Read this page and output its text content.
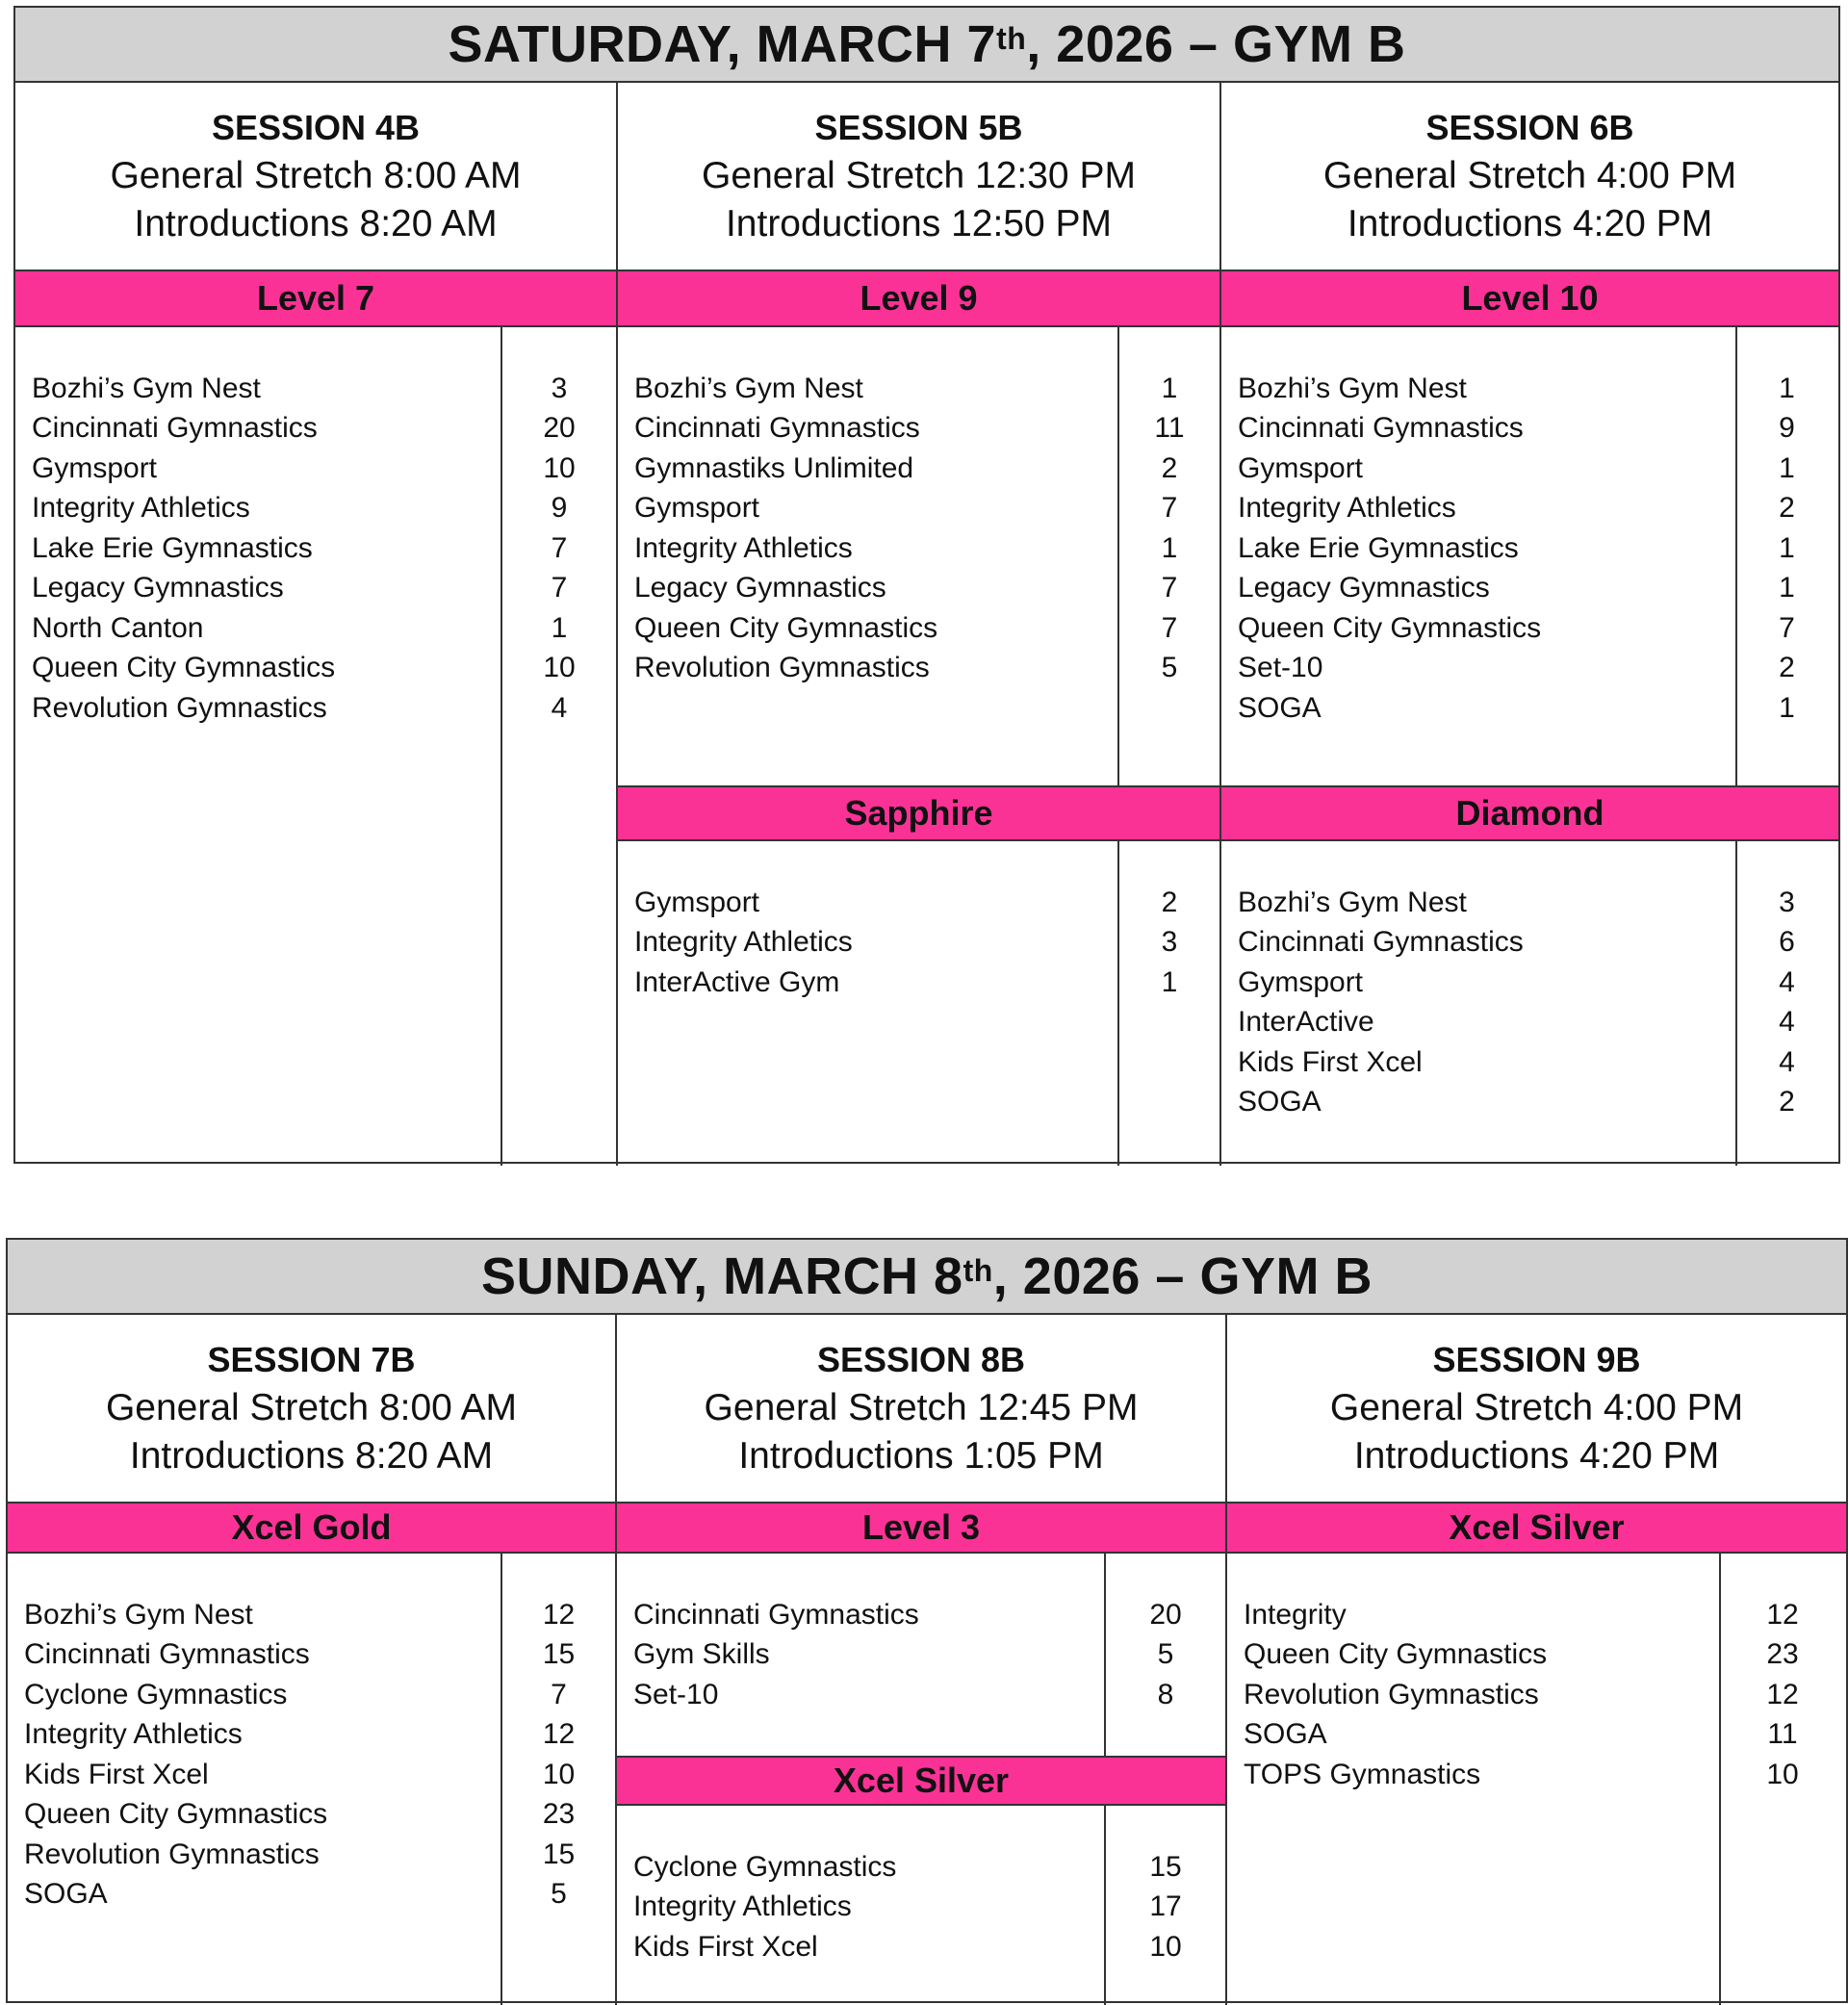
SATURDAY, MARCH 7th , 2026 – GYM B
SESSION 4B
General Stretch 8:00 AM
Introductions 8:20 AM
Level 7
Bozhi’s Gym Nest	3
Cincinnati Gymnastics	20
Gymsport	10
Integrity Athletics	9
Lake Erie Gymnastics	7
Legacy Gymnastics	7
North Canton	1
Queen City Gymnastics	10
Revolution Gymnastics	4
SESSION 5B
General Stretch 12:30 PM
Introductions 12:50 PM
Level 9
Bozhi’s Gym Nest	1
Cincinnati Gymnastics	11
Gymnastiks Unlimited	2
Gymsport	7
Integrity Athletics	1
Legacy Gymnastics	7
Queen City Gymnastics	7
Revolution Gymnastics	5
Sapphire
Gymsport	2
Integrity Athletics	3
InterActive Gym	1
SESSION 6B
General Stretch 4:00 PM
Introductions 4:20 PM
Level 10
Bozhi’s Gym Nest	1
Cincinnati Gymnastics	9
Gymsport	1
Integrity Athletics	2
Lake Erie Gymnastics	1
Legacy Gymnastics	1
Queen City Gymnastics	7
Set-10	2
SOGA	1
Diamond
Bozhi’s Gym Nest	3
Cincinnati Gymnastics	6
Gymsport	4
InterActive	4
Kids First Xcel	4
SOGA	2
SUNDAY, MARCH 8th , 2026 – GYM B
SESSION 7B
General Stretch 8:00 AM
Introductions 8:20 AM
Xcel Gold
Bozhi’s Gym Nest	12
Cincinnati Gymnastics	15
Cyclone Gymnastics	7
Integrity Athletics	12
Kids First Xcel	10
Queen City Gymnastics	23
Revolution Gymnastics	15
SOGA	5
SESSION 8B
General Stretch 12:45 PM
Introductions 1:05 PM
Level 3
Cincinnati Gymnastics	20
Gym Skills	5
Set-10	8
Xcel Silver
Cyclone Gymnastics	15
Integrity Athletics	17
Kids First Xcel	10
SESSION 9B
General Stretch 4:00 PM
Introductions 4:20 PM
Xcel Silver
Integrity	12
Queen City Gymnastics	23
Revolution Gymnastics	12
SOGA	11
TOPS Gymnastics	10
